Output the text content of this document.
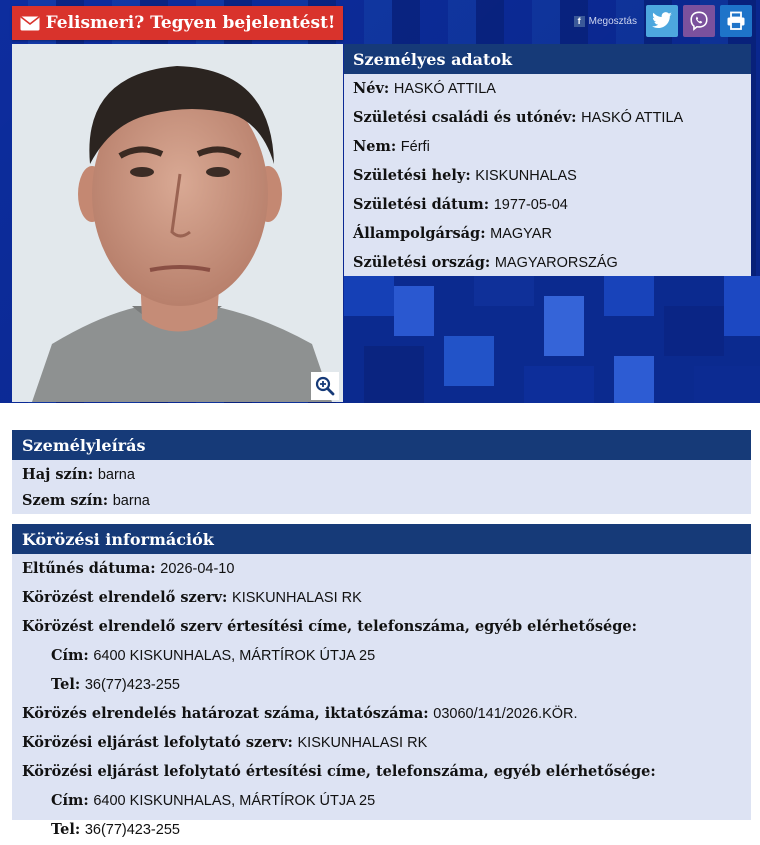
Felismeri? Tegyen bejelentést!	f Megosztás
Személyes adatok
Név: HASKÓ ATTILA
Születési családi és utónév: HASKÓ ATTILA
Nem: Férfi
Születési hely: KISKUNHALAS
Születési dátum: 1977-05-04
Állampolgárság: MAGYAR
Születési ország: MAGYARORSZÁG
Személyleírás
Haj szín: barna
Szem szín: barna
Körözési információk
Eltűnés dátuma: 2026-04-10
Körözést elrendelő szerv: KISKUNHALASI RK
Körözést elrendelő szerv értesítési címe, telefonszáma, egyéb elérhetősége:
Cím: 6400 KISKUNHALAS, MÁRTÍROK ÚTJA 25
Tel: 36(77)423-255
Körözés elrendelés határozat száma, iktatószáma: 03060/141/2026.KÖR.
Körözési eljárást lefolytató szerv: KISKUNHALASI RK
Körözési eljárást lefolytató értesítési címe, telefonszáma, egyéb elérhetősége:
Cím: 6400 KISKUNHALAS, MÁRTÍROK ÚTJA 25
Tel: 36(77)423-255
